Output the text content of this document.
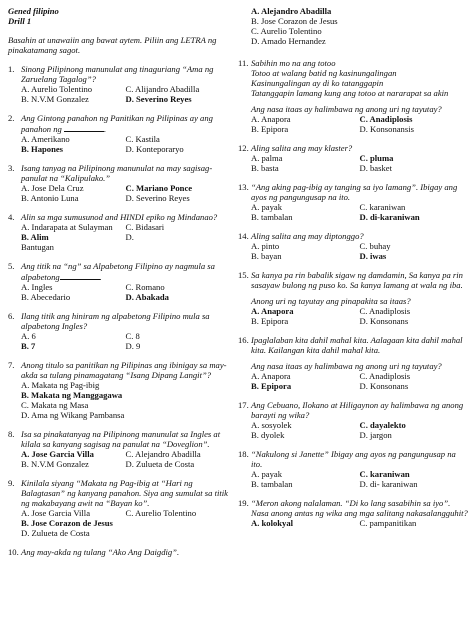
Gened filipino
Drill 1
Basahin at unawaiin ang bawat aytem. Piliin ang LETRA ng pinakatamang sagot.
1. Sinong Pilipinong manunulat ang tinaguriang “Ama ng Zaruelang Tagalog”?
A. Aurelio Tolentino	C. Alijandro Abadilla
B. N.V.M Gonzalez	D. Severino Reyes
2. Ang Gintong panahon ng Panitikan ng Pilipinas ay ang panahon ng	.
A. Amerikano	C. Kastila
B. Hapones	D. Konteporaryo
3. Isang tanyag na Pilipinong manunulat na may sagisag-panulat na “Kalipulako.”
A. Jose Dela Cruz	C. Mariano Ponce
B. Antonio Luna	D. Severino Reyes
4. Alin sa mga sumusunod and HINDI epiko ng Mindanao?
A. Indarapata at Sulayman	C. Bidasari
B. Alim	D.
Bantugan
5. Ang titik na “ng” sa Alpabetong Filipino ay nagmula sa alpabetong	.
A. Ingles	C. Romano
B. Abecedario	D. Abakada
6. Ilang titik ang hiniram ng alpabetong Filipino mula sa alpabetong Ingles?
A. 6	C. 8
B. 7	D. 9
7. Anong titulo sa panitikan ng Pilipinas ang ibinigay sa may-akda sa tulang pinamagatang “Isang Dipang Langit”?
A. Makata ng Pag-ibig
B. Makata ng Manggagawa
C. Makata ng Masa
D. Ama ng Wikang Pambansa
8. Isa sa pinakatanyag na Pilipinong manunulat sa Ingles at kilala sa kanyang sagisag na panulat na “Doveglion”.
A. Jose Garcia Villa	C. Alejandro Abadilla
B. N.V.M Gonzalez	D. Zulueta de Costa
9. Kinilala siyang “Makata ng Pag-ibig at “Hari ng Balagtasan” ng kanyang panahon. Siya ang sumulat sa titik ng makabayang awit na “Bayan ko”.
A. Jose Garcia Villa	C. Aurelio Tolentino
B. Jose Corazon de Jesus
D. Zulueta de Costa
10. Ang may-akda ng tulang “Ako Ang Daigdig”.
A. Alejandro Abadilla
B. Jose Corazon de Jesus
C. Aurelio Tolentino
D. Amado Hernandez
11. Sabihin mo na ang totoo
Totoo at walang batid ng kasinungalingan
Kasinungalingan ay di ko tatanggapin
Tatanggapin lamang kung ang totoo at nararapat sa akin
Ang nasa itaas ay halimbawa ng anong uri ng tayutay?
A. Anapora	C. Anadiplosis
B. Epipora	D. Konsonansis
12. Aling salita ang may klaster?
A. palma	C. pluma
B. basta	D. basket
13. “Ang aking pag-ibig ay tanging sa iyo lamang”. Ibigay ang ayos ng pangungusap na ito.
A. payak	C. karaniwan
B. tambalan	D. di-karaniwan
14. Aling salita ang may diptonggo?
A. pinto	C. buhay
B. bayan	D. iwas
15. Sa kanya pa rin babalik sigaw ng damdamin, Sa kanya pa rin sasayaw bulong ng puso ko. Sa kanya lamang at wala ng iba.
Anong uri ng tayutay ang pinapakita sa itaas?
A. Anapora	C. Anadiplosis
B. Epipora	D. Konsonans
16. Ipaglalaban kita dahil mahal kita. Aalagaan kita dahil mahal kita. Kailangan kita dahil mahal kita.
Ang nasa itaas ay halimbawa ng anong uri ng tayutay?
A. Anapora	C. Anadiplosis
B. Epipora	D. Konsonans
17. Ang Cebuano, Ilokano at Hiligaynon ay halimbawa ng anong barayti ng wika?
A. sosyolek	C. dayalekto
B. dyolek	D. jargon
18. “Nakulong si Janette” Ibigay ang ayos ng pangungusap na ito.
A. payak	C. karaniwan
B. tambalan	D. di- karaniwan
19. “Meron akong nalalaman. “Di ko lang sasabihin sa iyo”. Nasa anong antas ng wika ang mga salitang nakasalangguhit?
A. kolokyal	C. pampanitikan
